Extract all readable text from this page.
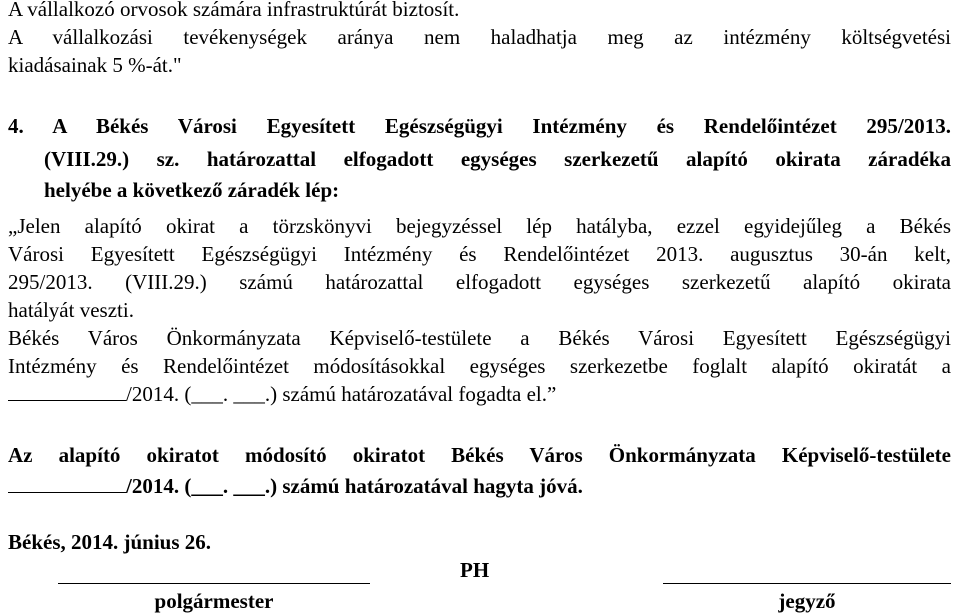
A vállalkozó orvosok számára infrastruktúrát biztosít.
A vállalkozási tevékenységek aránya nem haladhatja meg az intézmény költségvetési
kiadásainak 5 %-át."
4. A Békés Városi Egyesített Egészségügyi Intézmény és Rendelőintézet 295/2013.
(VIII.29.) sz. határozattal elfogadott egységes szerkezetű alapító okirata záradéka
helyébe a következő záradék lép:
„Jelen alapító okirat a törzskönyvi bejegyzéssel lép hatályba, ezzel egyidejűleg a Békés
Városi Egyesített Egészségügyi Intézmény és Rendelőintézet 2013. augusztus 30-án kelt,
295/2013. (VIII.29.) számú határozattal elfogadott egységes szerkezetű alapító okirata
hatályát veszti.
Békés Város Önkormányzata Képviselő-testülete a Békés Városi Egyesített Egészségügyi
Intézmény és Rendelőintézet módosításokkal egységes szerkezetbe foglalt alapító okiratát a
/2014. (___. ___.) számú határozatával fogadta el.”
Az alapító okiratot módosító okiratot Békés Város Önkormányzata Képviselő-testülete
/2014. (___. ___.) számú határozatával hagyta jóvá.
Békés, 2014. június 26.
PH
polgármester	jegyző
